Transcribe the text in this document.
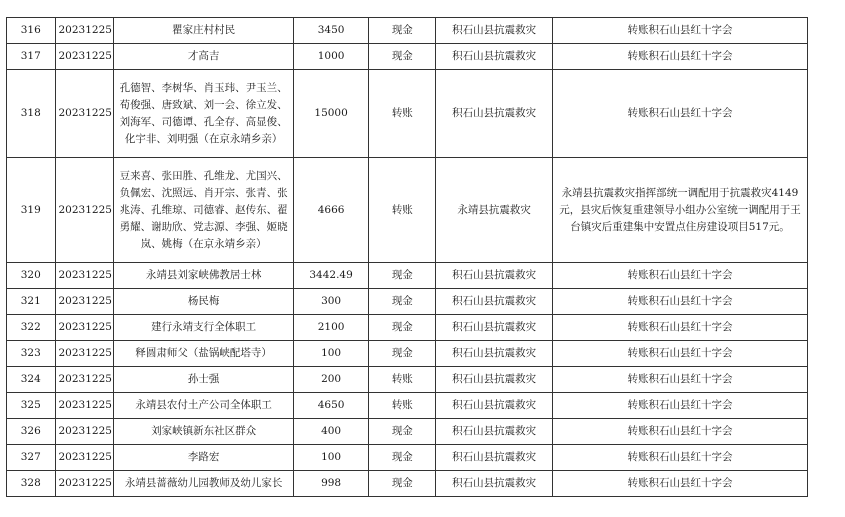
316	20231225	瞿家庄村村民	3450	现金	积石山县抗震救灾	转账积石山县红十字会
317	20231225	才高吉	1000	现金	积石山县抗震救灾	转账积石山县红十字会
318	20231225	孔德智、李树华、肖玉玮、尹玉兰、荀俊强、唐致斌、刘一会、徐立发、刘海军、司德谭、孔全存、高显俊、化宇非、刘明强（在京永靖乡亲）	15000	转账	积石山县抗震救灾	转账积石山县红十字会
319	20231225	豆来喜、张田胜、孔维龙、尤国兴、负佩宏、沈照远、肖开宗、张青、张兆涛、孔维琼、司德睿、赵传东、翟勇耀、谢助欣、党志源、李强、姬晓岚、姚梅（在京永靖乡亲）	4666	转账	永靖县抗震救灾	永靖县抗震救灾指挥部统一调配用于抗震救灾4149元，县灾后恢复重建领导小组办公室统一调配用于王台镇灾后重建集中安置点住房建设项目517元。
320	20231225	永靖县刘家峡佛教居士林	3442.49	现金	积石山县抗震救灾	转账积石山县红十字会
321	20231225	杨民梅	300	现金	积石山县抗震救灾	转账积石山县红十字会
322	20231225	建行永靖支行全体职工	2100	现金	积石山县抗震救灾	转账积石山县红十字会
323	20231225	释圆肃师父（盐锅峡配塔寺）	100	现金	积石山县抗震救灾	转账积石山县红十字会
324	20231225	孙士强	200	转账	积石山县抗震救灾	转账积石山县红十字会
325	20231225	永靖县农付土产公司全体职工	4650	转账	积石山县抗震救灾	转账积石山县红十字会
326	20231225	刘家峡镇新东社区群众	400	现金	积石山县抗震救灾	转账积石山县红十字会
327	20231225	李路宏	100	现金	积石山县抗震救灾	转账积石山县红十字会
328	20231225	永靖县蔷薇幼儿园教师及幼儿家长	998	现金	积石山县抗震救灾	转账积石山县红十字会
